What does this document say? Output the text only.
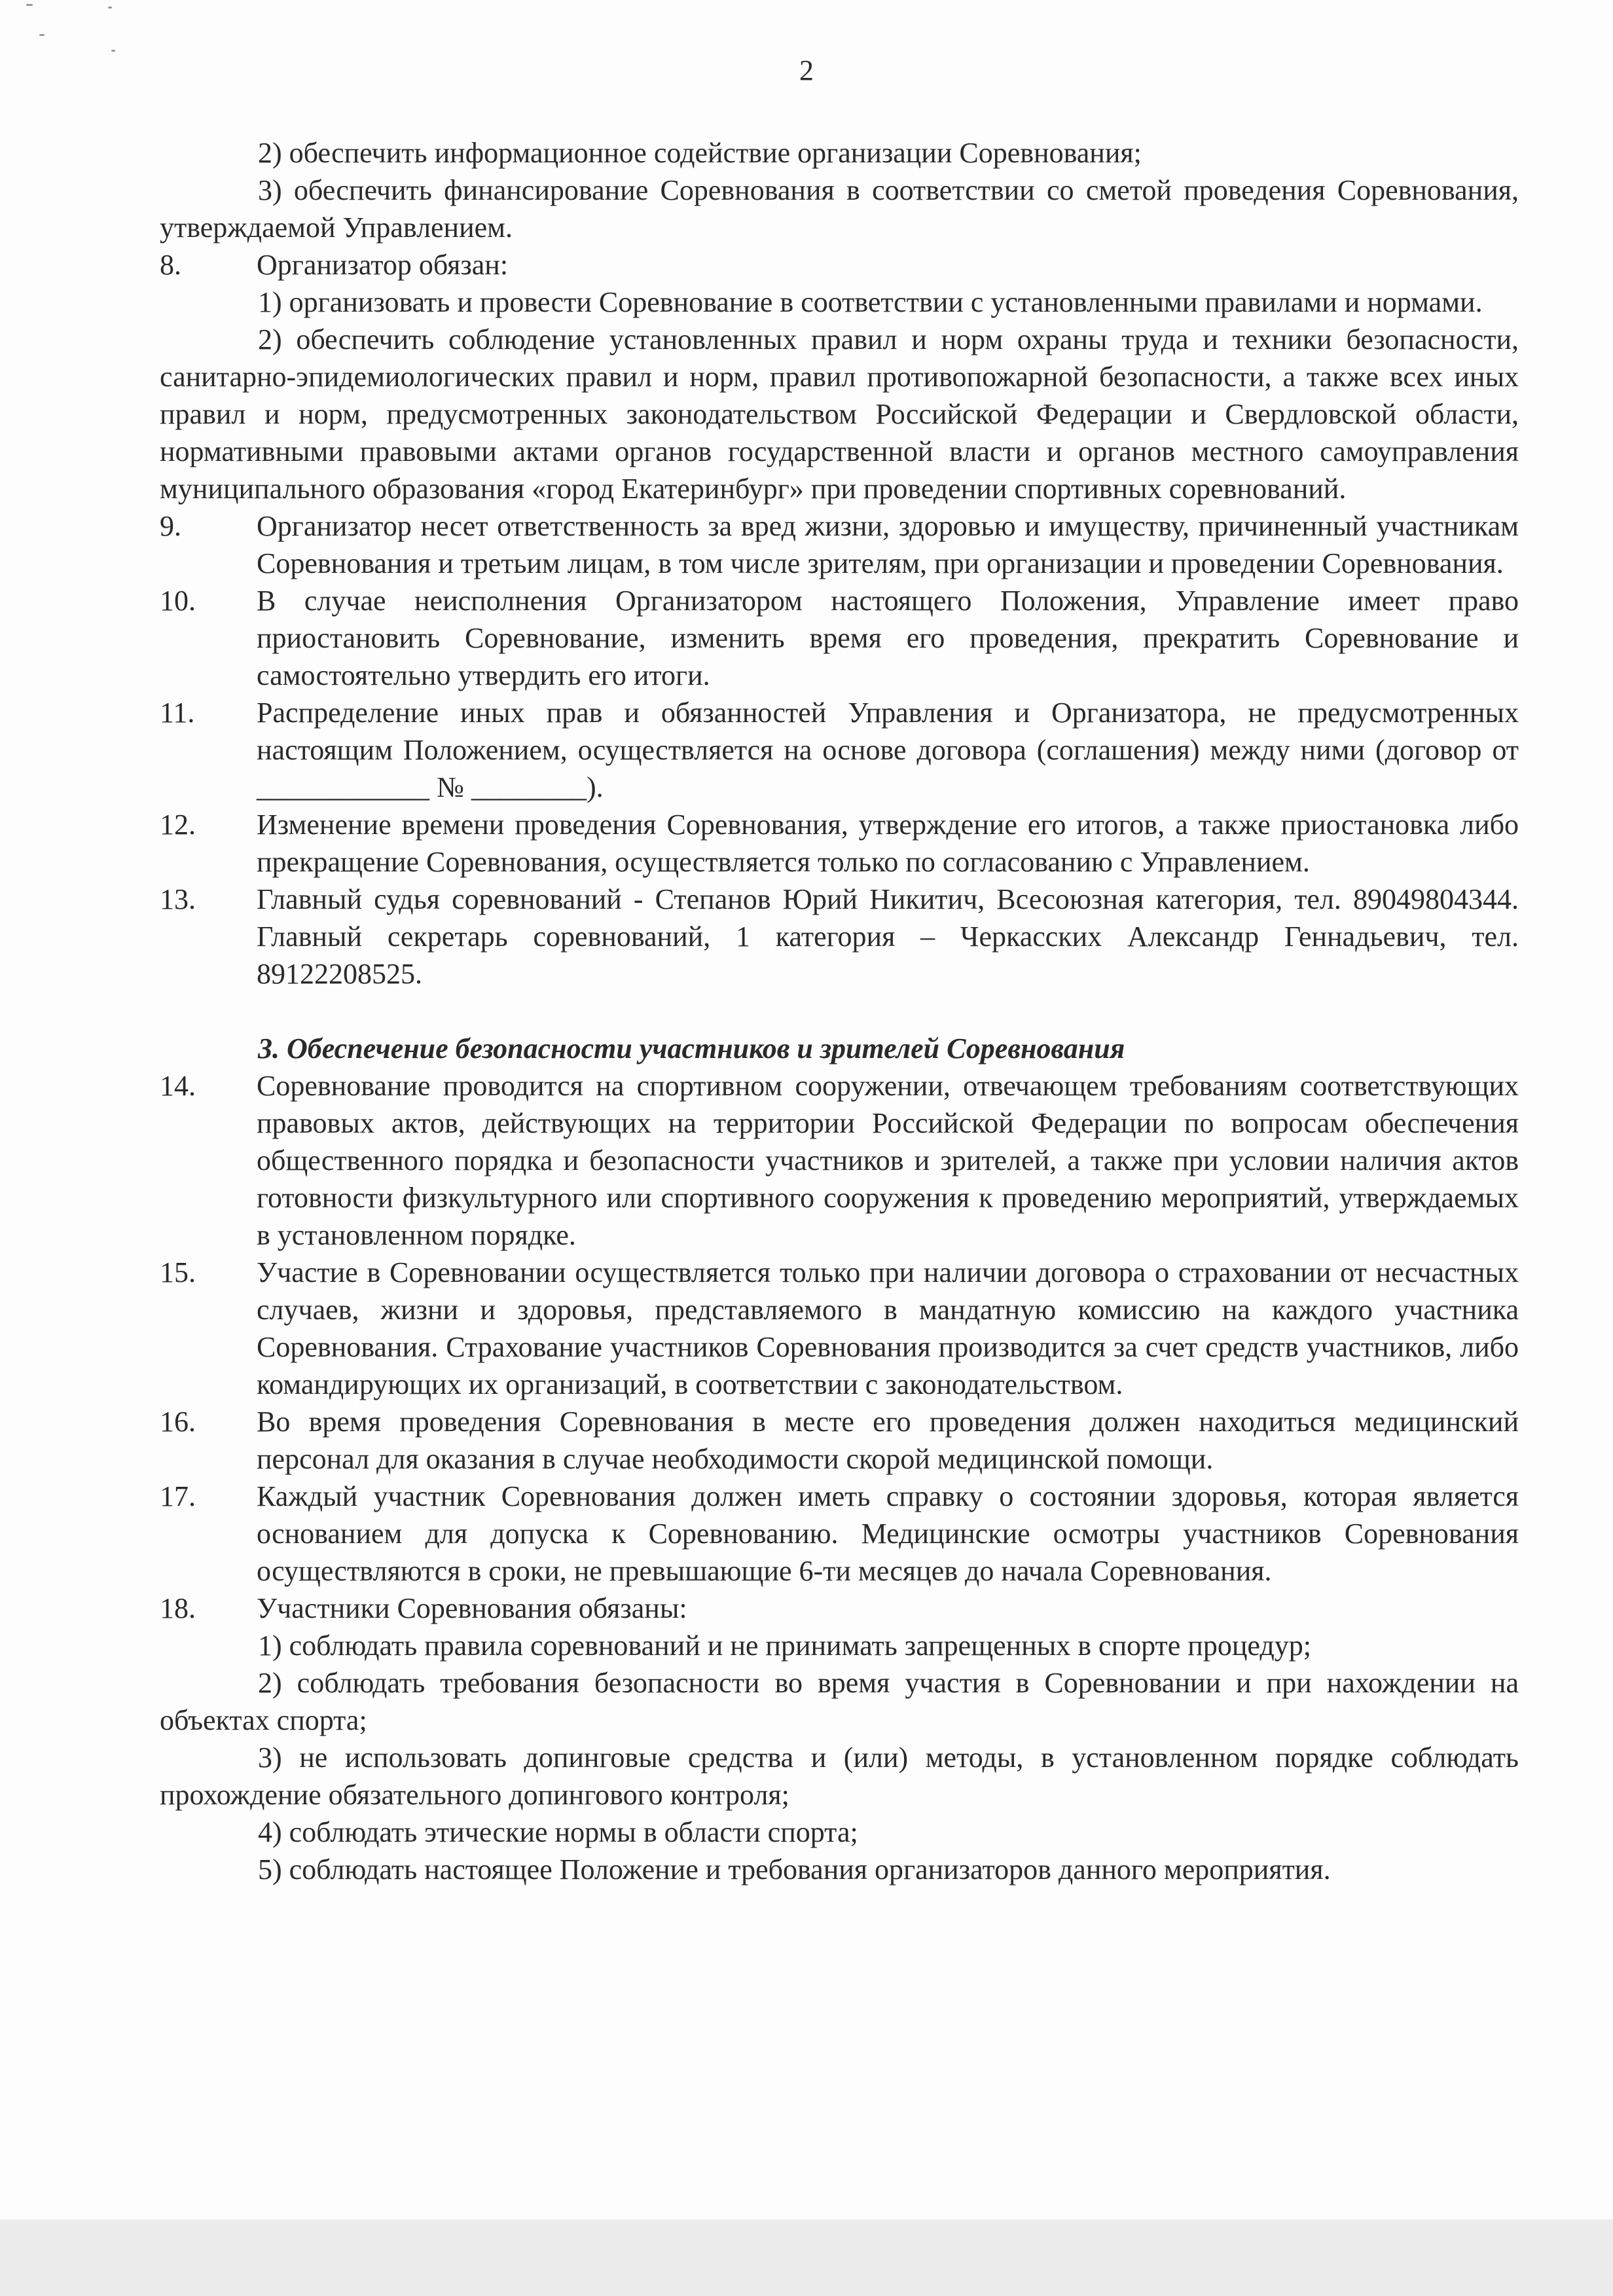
2
2) обеспечить информационное содействие организации Соревнования;
3) обеспечить финансирование Соревнования в соответствии со сметой проведения Соревнования, утверждаемой Управлением.
8.	Организатор обязан:
1) организовать и провести Соревнование в соответствии с установленными правилами и нормами.
2) обеспечить соблюдение установленных правил и норм охраны труда и техники безопасности, санитарно-эпидемиологических правил и норм, правил противопожарной безопасности, а также всех иных правил и норм, предусмотренных законодательством Российской Федерации и Свердловской области, нормативными правовыми актами органов государственной власти и органов местного самоуправления муниципального образования «город Екатеринбург» при проведении спортивных соревнований.
9.	Организатор несет ответственность за вред жизни, здоровью и имуществу, причиненный участникам Соревнования и третьим лицам, в том числе зрителям, при организации и проведении Соревнования.
10.	В случае неисполнения Организатором настоящего Положения, Управление имеет право приостановить Соревнование, изменить время его проведения, прекратить Соревнование и самостоятельно утвердить его итоги.
11.	Распределение иных прав и обязанностей Управления и Организатора, не предусмотренных настоящим Положением, осуществляется на основе договора (соглашения) между ними (договор от ____________ № ________).
12.	Изменение времени проведения Соревнования, утверждение его итогов, а также приостановка либо прекращение Соревнования, осуществляется только по согласованию с Управлением.
13.	Главный судья соревнований - Степанов Юрий Никитич, Всесоюзная категория, тел. 89049804344. Главный секретарь соревнований, 1 категория – Черкасских Александр Геннадьевич, тел. 89122208525.

3. Обеспечение безопасности участников и зрителей Соревнования

14.	Соревнование проводится на спортивном сооружении, отвечающем требованиям соответствующих правовых актов, действующих на территории Российской Федерации по вопросам обеспечения общественного порядка и безопасности участников и зрителей, а также при условии наличия актов готовности физкультурного или спортивного сооружения к проведению мероприятий, утверждаемых в установленном порядке.
15.	Участие в Соревновании осуществляется только при наличии договора о страховании от несчастных случаев, жизни и здоровья, представляемого в мандатную комиссию на каждого участника Соревнования. Страхование участников Соревнования производится за счет средств участников, либо командирующих их организаций, в соответствии с законодательством.
16.	Во время проведения Соревнования в месте его проведения должен находиться медицинский персонал для оказания в случае необходимости скорой медицинской помощи.
17.	Каждый участник Соревнования должен иметь справку о состоянии здоровья, которая является основанием для допуска к Соревнованию. Медицинские осмотры участников Соревнования осуществляются в сроки, не превышающие 6-ти месяцев до начала Соревнования.
18.	Участники Соревнования обязаны:
1) соблюдать правила соревнований и не принимать запрещенных в спорте процедур;
2) соблюдать требования безопасности во время участия в Соревновании и при нахождении на объектах спорта;
3) не использовать допинговые средства и (или) методы, в установленном порядке соблюдать прохождение обязательного допингового контроля;
4) соблюдать этические нормы в области спорта;
5) соблюдать настоящее Положение и требования организаторов данного мероприятия.
